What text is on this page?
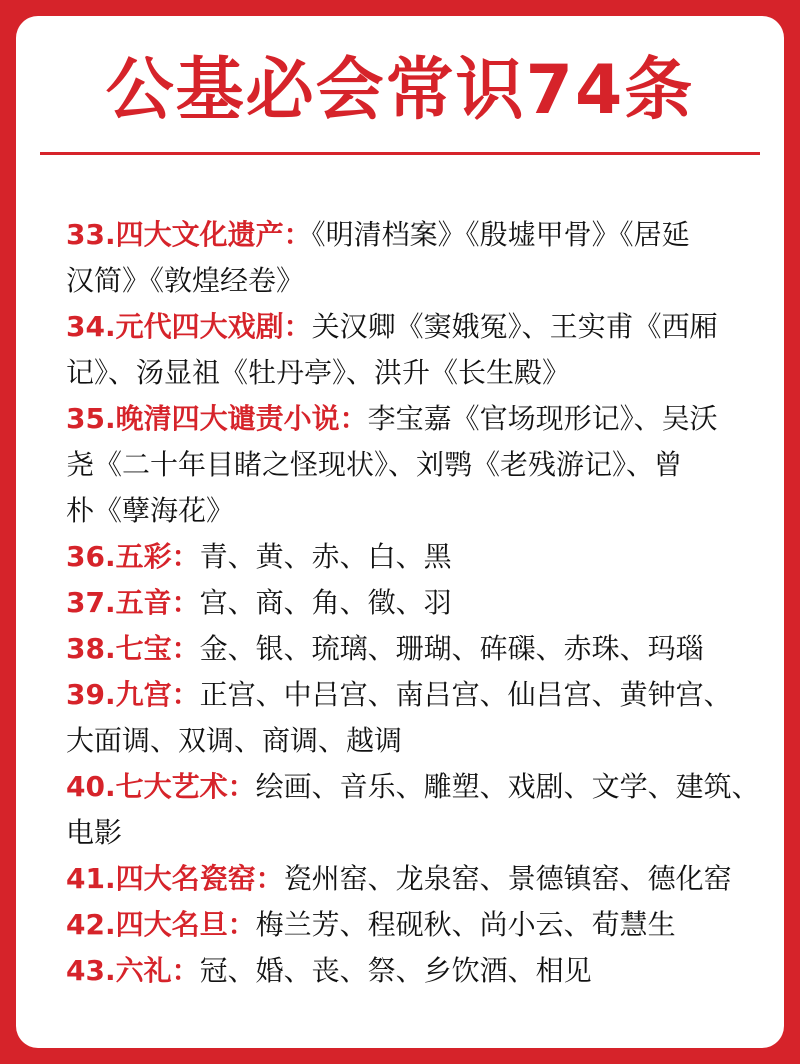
公基必会常识74条
33.四大文化遗产：《明清档案》《殷墟甲骨》《居延
汉简》《敦煌经卷》
34.元代四大戏剧：关汉卿《窦娥冤》、王实甫《西厢
记》、汤显祖《牡丹亭》、洪升《长生殿》
35.晚清四大谴责小说：李宝嘉《官场现形记》、吴沃
尧《二十年目睹之怪现状》、刘鹗《老残游记》、曾
朴《孽海花》
36.五彩：青、黄、赤、白、黑
37.五音：宫、商、角、徵、羽
38.七宝：金、银、琉璃、珊瑚、砗磲、赤珠、玛瑙
39.九宫：正宫、中吕宫、南吕宫、仙吕宫、黄钟宫、
大面调、双调、商调、越调
40.七大艺术：绘画、音乐、雕塑、戏剧、文学、建筑、
电影
41.四大名瓷窑：瓷州窑、龙泉窑、景德镇窑、德化窑
42.四大名旦：梅兰芳、程砚秋、尚小云、荀慧生
43.六礼：冠、婚、丧、祭、乡饮酒、相见
